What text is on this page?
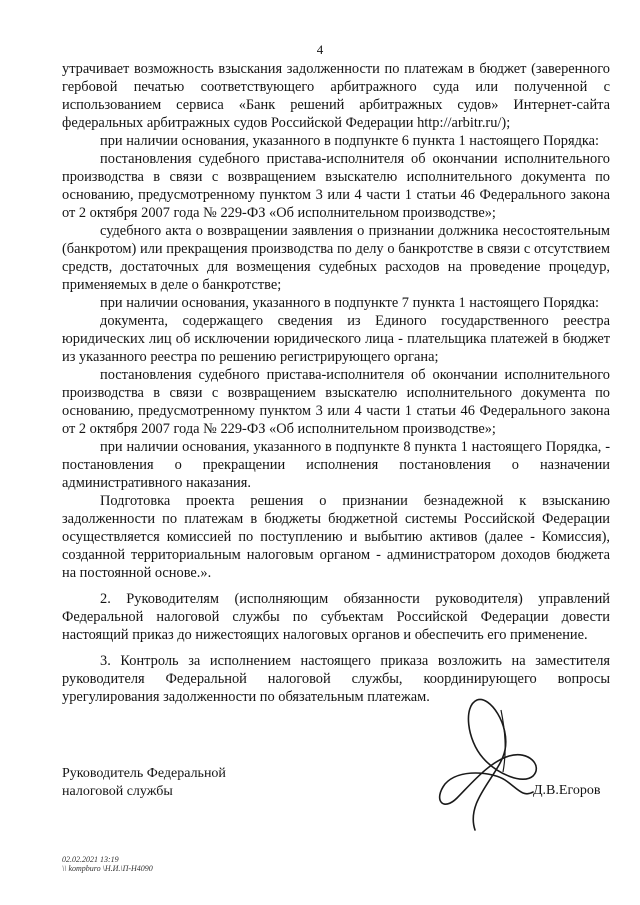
4

утрачивает возможность взыскания задолженности по платежам в бюджет (заверенного гербовой печатью соответствующего арбитражного суда или полученной с использованием сервиса «Банк решений арбитражных судов» Интернет-сайта федеральных арбитражных судов Российской Федерации http://arbitr.ru/);

при наличии основания, указанного в подпункте 6 пункта 1 настоящего Порядка:

постановления судебного пристава-исполнителя об окончании исполнительного производства в связи с возвращением взыскателю исполнительного документа по основанию, предусмотренному пунктом 3 или 4 части 1 статьи 46 Федерального закона от 2 октября 2007 года № 229-ФЗ «Об исполнительном производстве»;

судебного акта о возвращении заявления о признании должника несостоятельным (банкротом) или прекращения производства по делу о банкротстве в связи с отсутствием средств, достаточных для возмещения судебных расходов на проведение процедур, применяемых в деле о банкротстве;

при наличии основания, указанного в подпункте 7 пункта 1 настоящего Порядка:

документа, содержащего сведения из Единого государственного реестра юридических лиц об исключении юридического лица - плательщика платежей в бюджет из указанного реестра по решению регистрирующего органа;

постановления судебного пристава-исполнителя об окончании исполнительного производства в связи с возвращением взыскателю исполнительного документа по основанию, предусмотренному пунктом 3 или 4 части 1 статьи 46 Федерального закона от 2 октября 2007 года № 229-ФЗ «Об исполнительном производстве»;

при наличии основания, указанного в подпункте 8 пункта 1 настоящего Порядка, - постановления о прекращении исполнения постановления о назначении административного наказания.

Подготовка проекта решения о признании безнадежной к взысканию задолженности по платежам в бюджеты бюджетной системы Российской Федерации осуществляется комиссией по поступлению и выбытию активов (далее - Комиссия), созданной территориальным налоговым органом - администратором доходов бюджета на постоянной основе.».

2. Руководителям (исполняющим обязанности руководителя) управлений Федеральной налоговой службы по субъектам Российской Федерации довести настоящий приказ до нижестоящих налоговых органов и обеспечить его применение.

3. Контроль за исполнением настоящего приказа возложить на заместителя руководителя Федеральной налоговой службы, координирующего вопросы урегулирования задолженности по обязательным платежам.

Руководитель Федеральной
налоговой службы	Д.В.Егоров
02.02.2021 13:19
\\ kompburo \Н.И.\П-Н4090
